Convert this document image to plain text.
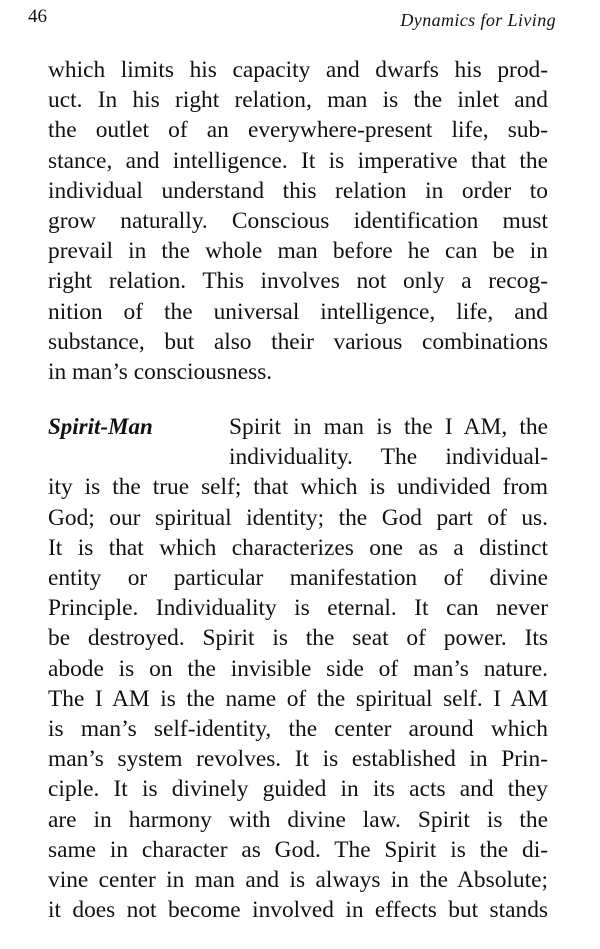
46	Dynamics for Living
which limits his capacity and dwarfs his prod-
uct. In his right relation, man is the inlet and
the outlet of an everywhere-present life, sub-
stance, and intelligence. It is imperative that the
individual understand this relation in order to
grow naturally. Conscious identification must
prevail in the whole man before he can be in
right relation. This involves not only a recog-
nition of the universal intelligence, life, and
substance, but also their various combinations
in man’s consciousness.
Spirit-Man	Spirit in man is the I AM, the
individuality. The individual-
ity is the true self; that which is undivided from
God; our spiritual identity; the God part of us.
It is that which characterizes one as a distinct
entity or particular manifestation of divine
Principle. Individuality is eternal. It can never
be destroyed. Spirit is the seat of power. Its
abode is on the invisible side of man’s nature.
The I AM is the name of the spiritual self. I AM
is man’s self-identity, the center around which
man’s system revolves. It is established in Prin-
ciple. It is divinely guided in its acts and they
are in harmony with divine law. Spirit is the
same in character as God. The Spirit is the di-
vine center in man and is always in the Absolute;
it does not become involved in effects but stands
